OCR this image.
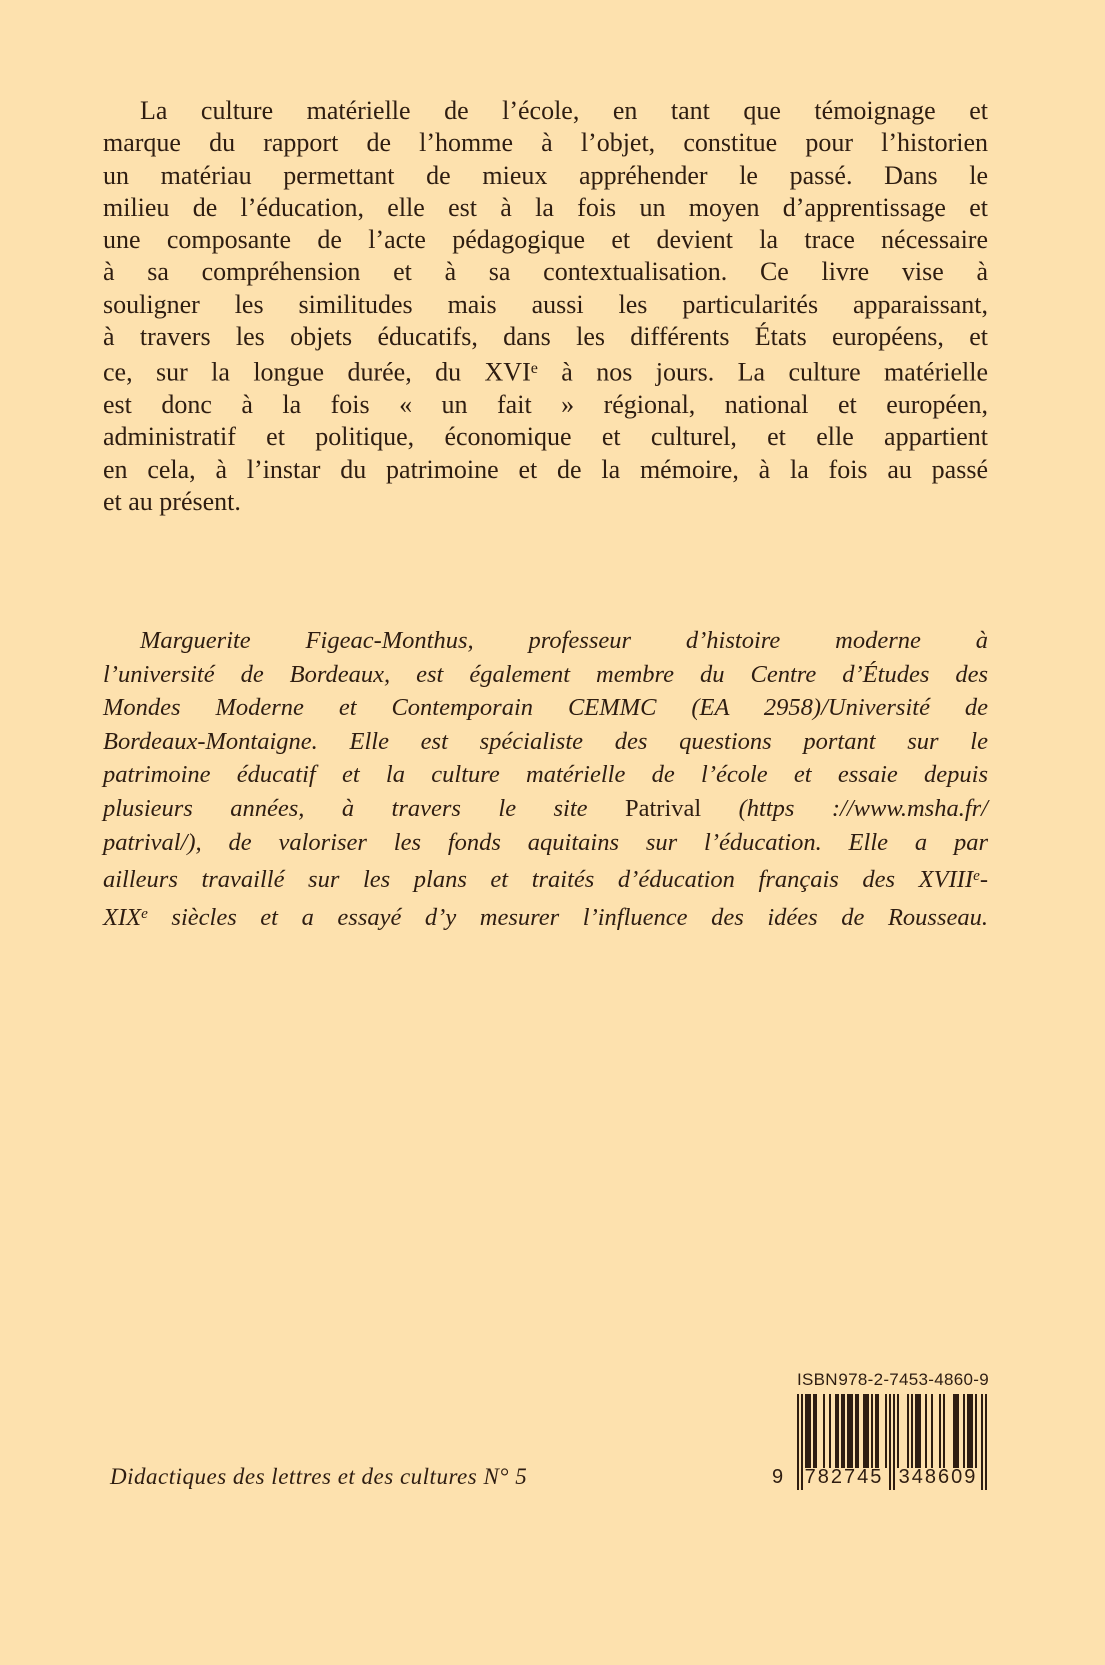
La culture matérielle de l’école, en tant que témoignage et
marque du rapport de l’homme à l’objet, constitue pour l’historien
un matériau permettant de mieux appréhender le passé. Dans le
milieu de l’éducation, elle est à la fois un moyen d’apprentissage et
une composante de l’acte pédagogique et devient la trace nécessaire
à sa compréhension et à sa contextualisation. Ce livre vise à
souligner les similitudes mais aussi les particularités apparaissant,
à travers les objets éducatifs, dans les différents États européens, et
ce, sur la longue durée, du XVIe à nos jours. La culture matérielle
est donc à la fois « un fait » régional, national et européen,
administratif et politique, économique et culturel, et elle appartient
en cela, à l’instar du patrimoine et de la mémoire, à la fois au passé
et au présent.
Marguerite Figeac-Monthus, professeur d’histoire moderne à
l’université de Bordeaux, est également membre du Centre d’Études des
Mondes Moderne et Contemporain CEMMC (EA 2958)/Université de
Bordeaux-Montaigne. Elle est spécialiste des questions portant sur le
patrimoine éducatif et la culture matérielle de l’école et essaie depuis
plusieurs années, à travers le site Patrival (https ://www.msha.fr/
patrival/), de valoriser les fonds aquitains sur l’éducation. Elle a par
ailleurs travaillé sur les plans et traités d’éducation français des XVIIIe-
XIXe siècles et a essayé d’y mesurer l’influence des idées de Rousseau.
ISBN 978-2-7453-4860-9
9 782745 348609
Didactiques des lettres et des cultures N° 5
